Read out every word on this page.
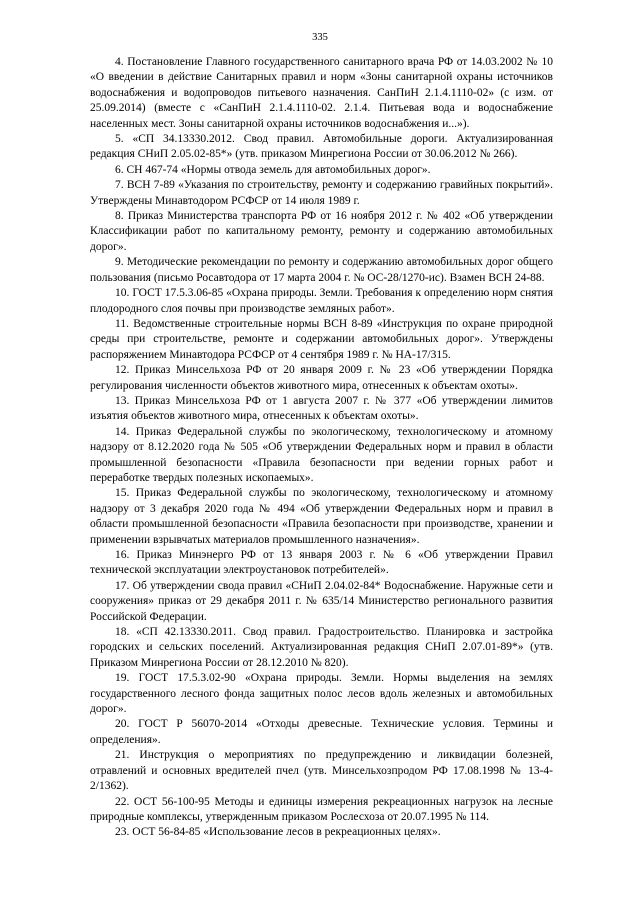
335

4. Постановление Главного государственного санитарного врача РФ от 14.03.2002 № 10 «О введении в действие Санитарных правил и норм «Зоны санитарной охраны источников водоснабжения и водопроводов питьевого назначения. СанПиН 2.1.4.1110-02» (с изм. от 25.09.2014) (вместе с «СанПиН 2.1.4.1110-02. 2.1.4. Питьевая вода и водоснабжение населенных мест. Зоны санитарной охраны источников водоснабжения и...»).

5. «СП 34.13330.2012. Свод правил. Автомобильные дороги. Актуализированная редакция СНиП 2.05.02-85*» (утв. приказом Минрегиона России от 30.06.2012 № 266).

6. СН 467-74 «Нормы отвода земель для автомобильных дорог».

7. ВСН 7-89 «Указания по строительству, ремонту и содержанию гравийных покрытий». Утверждены Минавтодором РСФСР от 14 июля 1989 г.

8. Приказ Министерства транспорта РФ от 16 ноября 2012 г. № 402 «Об утверждении Классификации работ по капитальному ремонту, ремонту и содержанию автомобильных дорог».

9. Методические рекомендации по ремонту и содержанию автомобильных дорог общего пользования (письмо Росавтодора от 17 марта 2004 г. № ОС-28/1270-ис). Взамен ВСН 24-88.

10. ГОСТ 17.5.3.06-85 «Охрана природы. Земли. Требования к определению норм снятия плодородного слоя почвы при производстве земляных работ».

11. Ведомственные строительные нормы ВСН 8-89 «Инструкция по охране природной среды при строительстве, ремонте и содержании автомобильных дорог». Утверждены распоряжением Минавтодора РСФСР от 4 сентября 1989 г. № НА-17/315.

12. Приказ Минсельхоза РФ от 20 января 2009 г. № 23 «Об утверждении Порядка регулирования численности объектов животного мира, отнесенных к объектам охоты».

13. Приказ Минсельхоза РФ от 1 августа 2007 г. № 377 «Об утверждении лимитов изъятия объектов животного мира, отнесенных к объектам охоты».

14. Приказ Федеральной службы по экологическому, технологическому и атомному надзору от 8.12.2020 года № 505 «Об утверждении Федеральных норм и правил в области промышленной безопасности «Правила безопасности при ведении горных работ и переработке твердых полезных ископаемых».

15. Приказ Федеральной службы по экологическому, технологическому и атомному надзору от 3 декабря 2020 года № 494 «Об утверждении Федеральных норм и правил в области промышленной безопасности «Правила безопасности при производстве, хранении и применении взрывчатых материалов промышленного назначения».

16. Приказ Минэнерго РФ от 13 января 2003 г. № 6 «Об утверждении Правил технической эксплуатации электроустановок потребителей».

17. Об утверждении свода правил «СНиП 2.04.02-84* Водоснабжение. Наружные сети и сооружения» приказ от 29 декабря 2011 г. № 635/14 Министерство регионального развития Российской Федерации.

18. «СП 42.13330.2011. Свод правил. Градостроительство. Планировка и застройка городских и сельских поселений. Актуализированная редакция СНиП 2.07.01-89*» (утв. Приказом Минрегиона России от 28.12.2010 № 820).

19. ГОСТ 17.5.3.02-90 «Охрана природы. Земли. Нормы выделения на землях государственного лесного фонда защитных полос лесов вдоль железных и автомобильных дорог».

20. ГОСТ Р 56070-2014 «Отходы древесные. Технические условия. Термины и определения».

21. Инструкция о мероприятиях по предупреждению и ликвидации болезней, отравлений и основных вредителей пчел (утв. Минсельхозпродом РФ 17.08.1998 № 13-4-2/1362).

22. ОСТ 56-100-95 Методы и единицы измерения рекреационных нагрузок на лесные природные комплексы, утвержденным приказом Рослесхоза от 20.07.1995 № 114.

23. ОСТ 56-84-85 «Использование лесов в рекреационных целях».
